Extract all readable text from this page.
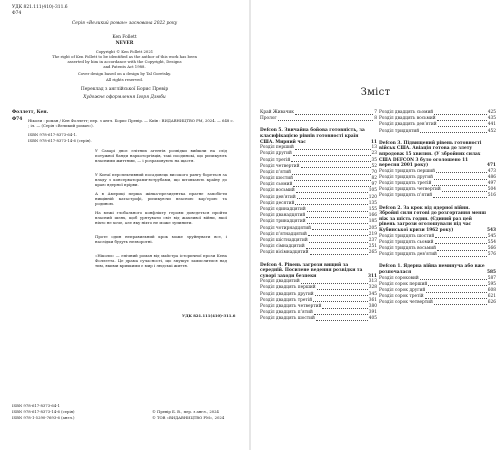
УДК 821.111(410)-311.6
Ф74
Серія «Великий роман» заснована 2022 року
Ken Follett
NEVER
Copyright © Ken Follett 2021
The right of Ken Follett to be identified as the author of this work has been
asserted by him in accordance with the Copyright, Designs
and Patents Act 1988.
Cover design based on a design by Tal Goretsky.
All rights reserved.
Переклад з англійської Борис Превір
Художнє оформлення Ігоря Дзюби
Фоллетт, Кен.
Ф74 Ніколи : роман / Кен Фоллетт; пер. з англ. Борис Превір. — Київ : ВИДАВНИЦТВО РМ, 2024. — 648 с. ; іл. — (Серія «Великий роман»).
ISBN 978-617-8373-64-1.
ISBN 978-617-8373-14-6 (серія).
У Сахарі двоє елітних агентів розвідки вийшли на слід потужної банди наркоторгівців, такі поодинокі, що ризикують власними життями, — і розраховують на щастя.
У Китаї перспективний посадовець високого рангу бореться за владу з консерваторами-яструбами, що штовхають країну до краю ядерної прірви.
А в Америці перша жінка-президентка прагне запобігти нищівній катастрофі, ризикуючи власною кар’єрою та родиною.
На межі глобального конфлікту героям доведеться пройти власний шлях, щоб урятувати світ від жахливої війни, якої ніхто не хоче, але яку ніхто не може зупинити.
Проте один неправильний крок може зруйнувати все, і наслідки будуть незворотні.
«Ніколи» — епічний роман від майстра історичної прози Кена Фоллетта. Це драма сучасності, що змушує замислитися над тим, якими крихкими є мир і людські життя.
УДК 821.111(410)-311.6
ISBN 978-617-8373-64-1
ISBN 978-617-8373-14-6 (серія)
ISBN 978-1-5290-7693-6 (англ.)
© Превір Б. В., пер. з англ., 2024
© ТОВ «ВИДАВНИЦТВО РМ», 2024
Зміст
Край Живачик	7
Пролог	8
Defcon 5. Звичайна бойова готовність, за класифікацією рівнів готовності країн США. Мирний час	11
Розділ перший	13
Розділ другий	23
Розділ третій	35
Розділ четвертий	52
Розділ п’ятий	70
Розділ шостий	82
Розділ сьомий	97
Розділ восьмий	105
Розділ дев’ятий	120
Розділ десятий	135
Розділ одинадцятий	155
Розділ дванадцятий	166
Розділ тринадцятий	185
Розділ чотирнадцятий	205
Розділ п’ятнадцятий	219
Розділ шістнадцятий	237
Розділ сімнадцятий	251
Розділ вісімнадцятий	265
Defcon 4. Рівень загрози вищий за середній. Посилене ведення розвідки та суворі заходи безпеки	311
Розділ двадцятий	313
Розділ двадцять перший	328
Розділ двадцять другий	345
Розділ двадцять третій	361
Розділ двадцять четвертий	380
Розділ двадцять п’ятий	391
Розділ двадцять шостий	405
Розділ двадцять сьомий	425
Розділ двадцять восьмий	435
Розділ двадцять дев’ятий	441
Розділ тридцятий	452
Defcon 3. Підвищений рівень готовності військ США. Авіація готова до злету впродовж 15 хвилин. (У збройних силах США DEFCON 3 було оголошено 11 вересня 2001 року)	471
Розділ тридцять перший	473
Розділ тридцять другий	486
Розділ тридцять третій	497
Розділ тридцять четвертий	504
Розділ тридцять п’ятий	516
Defcon 2. За крок від ядерної війни. Збройні сили готові до розгортання менш ніж за шість годин. (Єдиний раз цей рівень загрози оголошували під час Кубинської кризи 1962 року)	543
Розділ тридцять шостий	545
Розділ тридцять сьомий	554
Розділ тридцять восьмий	566
Розділ тридцять дев’ятий	576
Defcon 1. Ядерна війна неминуча або вже розпочалася	585
Розділ сороковий	587
Розділ сорок перший	595
Розділ сорок другий	608
Розділ сорок третій	621
Розділ сорок четвертий	626
